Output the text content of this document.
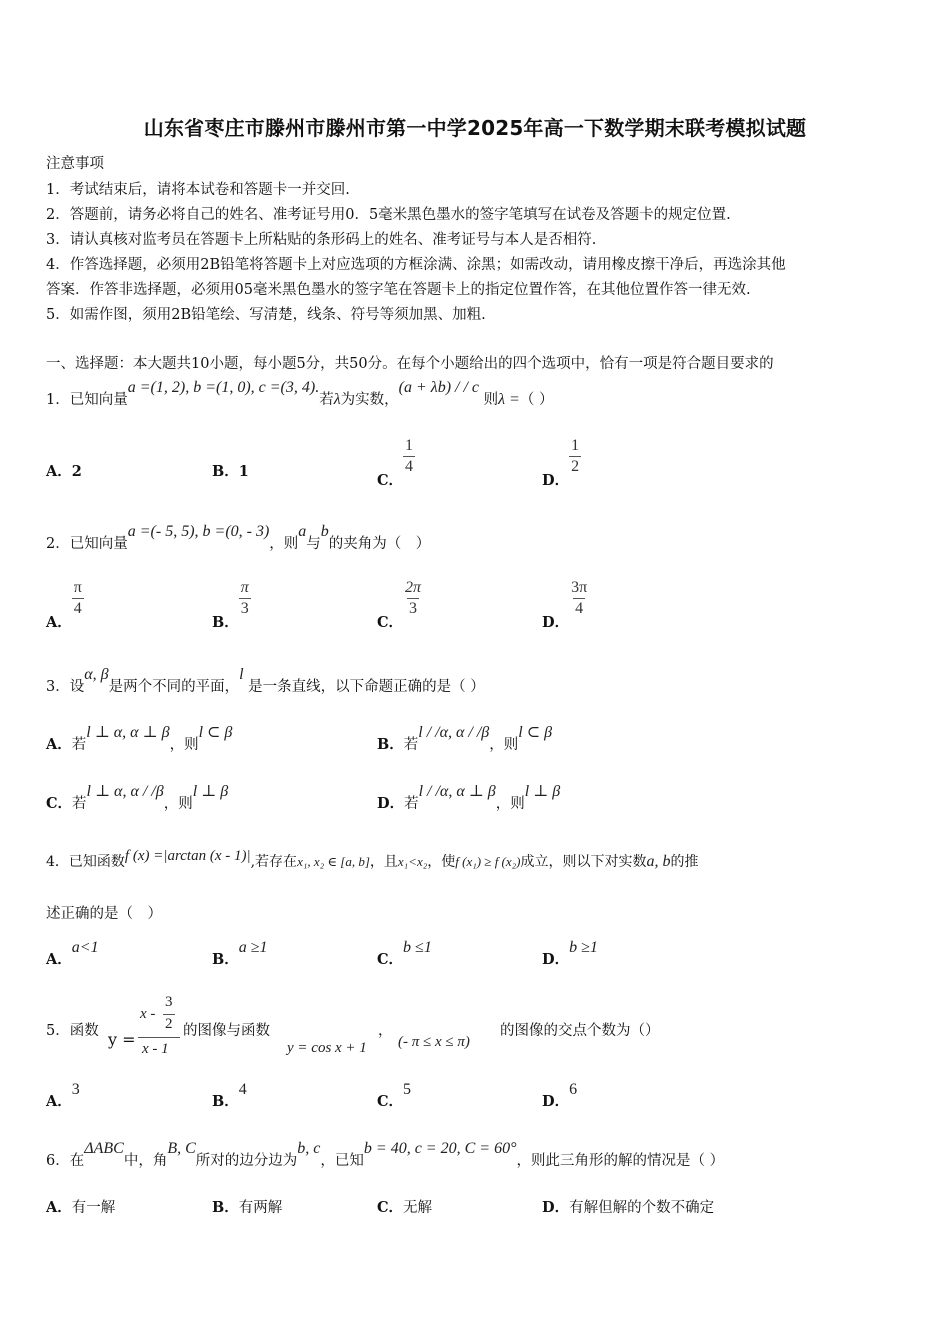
山东省枣庄市滕州市滕州市第一中学2025年高一下数学期末联考模拟试题
注意事项
1．考试结束后，请将本试卷和答题卡一并交回.
2．答题前，请务必将自己的姓名、准考证号用0．5毫米黑色墨水的签字笔填写在试卷及答题卡的规定位置.
3．请认真核对监考员在答题卡上所粘贴的条形码上的姓名、准考证号与本人是否相符.
4．作答选择题，必须用2B铅笔将答题卡上对应选项的方框涂满、涂黑；如需改动，请用橡皮擦干净后，再选涂其他
答案．作答非选择题，必须用05毫米黑色墨水的签字笔在答题卡上的指定位置作答，在其他位置作答一律无效.
5．如需作图，须用2B铅笔绘、写清楚，线条、符号等须加黑、加粗.
一、选择题：本大题共10小题，每小题5分，共50分。在每个小题给出的四个选项中，恰有一项是符合题目要求的
1．已知向量a =(1, 2), b =(1, 0), c =(3, 4).若λ为实数，(a + λb) / / c 则λ =（ ）
A．2	B．1	C．
$\frac{1}{4}$
D．
$\frac{1}{2}$
2．已知向量a =(- 5, 5), b =(0, - 3)，则a与b的夹角为（　）
A．
$\frac{\pi}{4}$
B．
$\frac{\pi}{3}$
C．
$\frac{2\pi}{3}$
D．
$\frac{3\pi}{4}$
3．设α, β是两个不同的平面，l 是一条直线，以下命题正确的是（ ）
A．若l ⊥ α, α ⊥ β，则l ⊂ β
B．若l / /α, α / /β，则l ⊂ β
C．若l ⊥ α, α / /β，则l ⊥ β
D．若l / /α, α ⊥ β，则l ⊥ β
4．已知函数f (x) =|arctan (x - 1)|,若存在x₁, x₂ ∈ [a, b]，且x₁<x₂，使f (x₁) ≥ f (x₂)成立，则以下对实数a, b的推
述正确的是（　）
A．a<1
B．a ≥1
C．b ≤1
D．b ≥1
5．函数 y =
x -
3
2
x - 1
的图像与函数
y = cos x + 1
，
(- π ≤ x ≤ π)
的图像的交点个数为（）
A．3
B．4
C．5
D．6
6．在ΔABC中，角B, C所对的边分边为b, c，已知b = 40, c = 20, C = 60°，则此三角形的解的情况是（ ）
A．有一解	B．有两解	C．无解	D．有解但解的个数不确定
